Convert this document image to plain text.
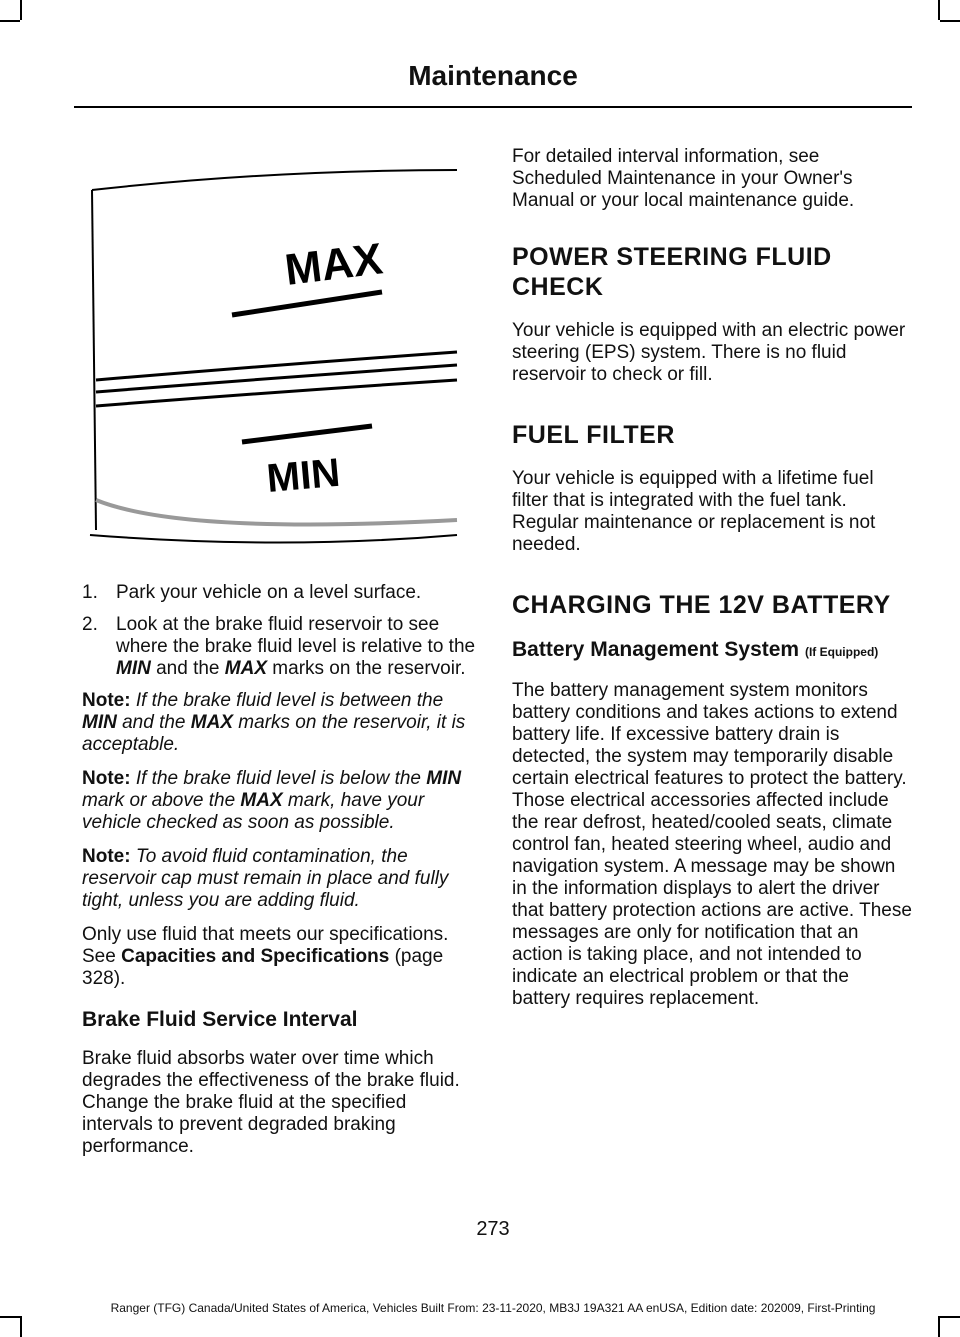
Maintenance
MAX
MIN
1. Park your vehicle on a level surface.
2. Look at the brake fluid reservoir to see where the brake fluid level is relative to the MIN and the MAX marks on the reservoir.

Note: If the brake fluid level is between the MIN and the MAX marks on the reservoir, it is acceptable.

Note: If the brake fluid level is below the MIN mark or above the MAX mark, have your vehicle checked as soon as possible.

Note: To avoid fluid contamination, the reservoir cap must remain in place and fully tight, unless you are adding fluid.

Only use fluid that meets our specifications. See Capacities and Specifications (page 328).

Brake Fluid Service Interval

Brake fluid absorbs water over time which degrades the effectiveness of the brake fluid. Change the brake fluid at the specified intervals to prevent degraded braking performance.

For detailed interval information, see Scheduled Maintenance in your Owner's Manual or your local maintenance guide.

POWER STEERING FLUID CHECK

Your vehicle is equipped with an electric power steering (EPS) system. There is no fluid reservoir to check or fill.

FUEL FILTER

Your vehicle is equipped with a lifetime fuel filter that is integrated with the fuel tank. Regular maintenance or replacement is not needed.

CHARGING THE 12V BATTERY
Battery Management System (If Equipped)

The battery management system monitors battery conditions and takes actions to extend battery life. If excessive battery drain is detected, the system may temporarily disable certain electrical features to protect the battery. Those electrical accessories affected include the rear defrost, heated/cooled seats, climate control fan, heated steering wheel, audio and navigation system. A message may be shown in the information displays to alert the driver that battery protection actions are active. These messages are only for notification that an action is taking place, and not intended to indicate an electrical problem or that the battery requires replacement.

273
Ranger (TFG) Canada/United States of America, Vehicles Built From: 23-11-2020, MB3J 19A321 AA enUSA, Edition date: 202009, First-Printing
